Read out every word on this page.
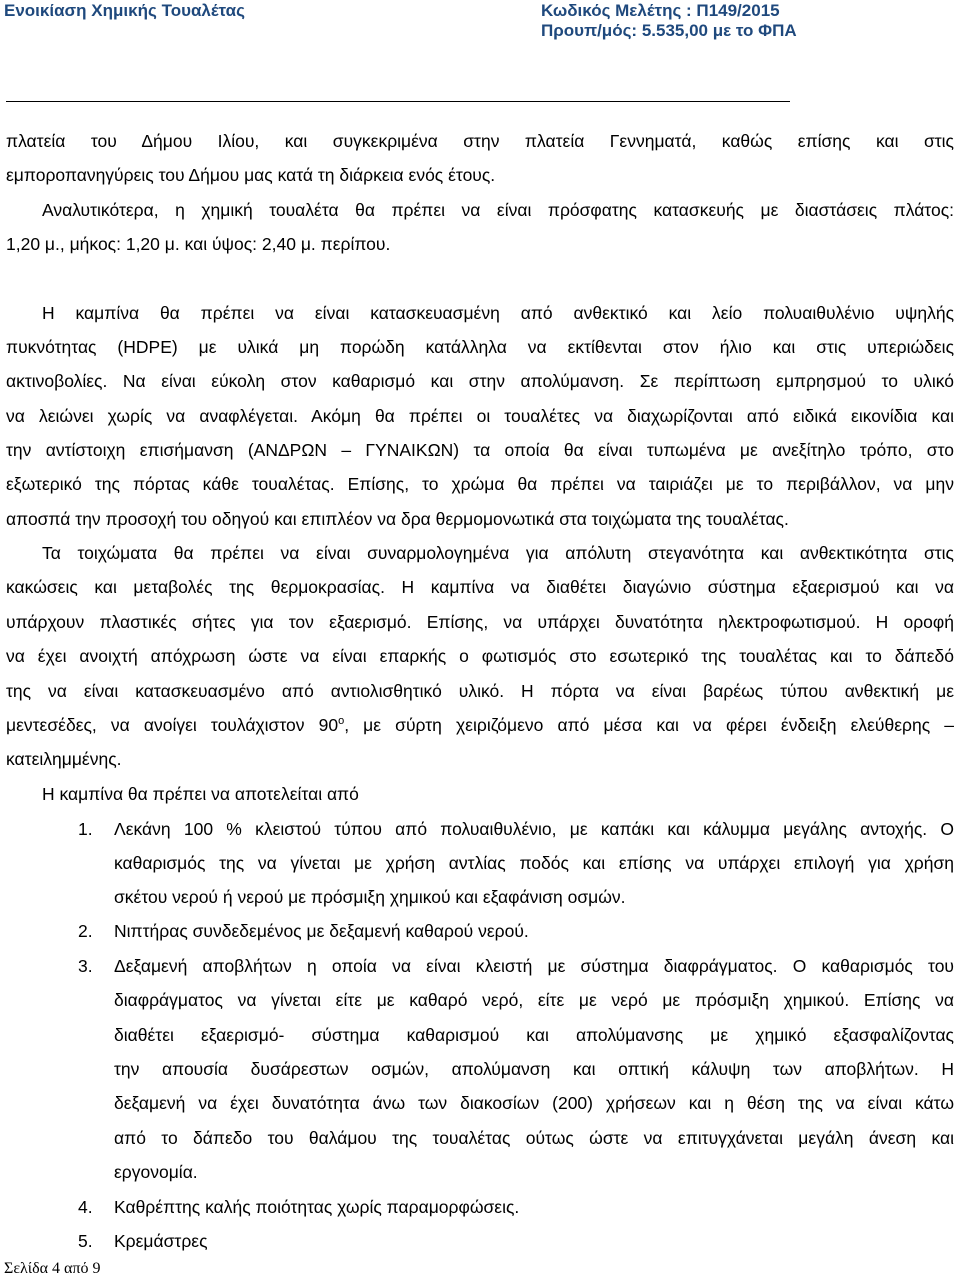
Ενοικίαση Χημικής Τουαλέτας	Κωδικός Μελέτης : Π149/2015
Προυπ/μός: 5.535,00 με το ΦΠΑ
πλατεία του Δήμου Ιλίου, και συγκεκριμένα στην πλατεία Γεννηματά, καθώς επίσης και στις
εμποροπανηγύρεις του Δήμου μας κατά τη διάρκεια ενός έτους.
Αναλυτικότερα, η χημική τουαλέτα θα πρέπει να είναι πρόσφατης κατασκευής με διαστάσεις πλάτος:
1,20 μ., μήκος: 1,20 μ. και ύψος: 2,40 μ. περίπου.
Η καμπίνα θα πρέπει να είναι κατασκευασμένη από ανθεκτικό και λείο πολυαιθυλένιο υψηλής
πυκνότητας (HDPE) με υλικά μη πορώδη κατάλληλα να εκτίθενται στον ήλιο και στις υπεριώδεις
ακτινοβολίες. Να είναι εύκολη στον καθαρισμό και στην απολύμανση. Σε περίπτωση εμπρησμού το υλικό
να λειώνει χωρίς να αναφλέγεται. Ακόμη θα πρέπει οι τουαλέτες να διαχωρίζονται από ειδικά εικονίδια και
την αντίστοιχη επισήμανση (ΑΝΔΡΩΝ – ΓΥΝΑΙΚΩΝ) τα οποία θα είναι τυπωμένα με ανεξίτηλο τρόπο, στο
εξωτερικό της πόρτας κάθε τουαλέτας. Επίσης, το χρώμα θα πρέπει να ταιριάζει με το περιβάλλον, να μην
αποσπά την προσοχή του οδηγού και επιπλέον να δρα θερμομονωτικά στα τοιχώματα της τουαλέτας.
Τα τοιχώματα θα πρέπει να είναι συναρμολογημένα για απόλυτη στεγανότητα και ανθεκτικότητα στις
κακώσεις και μεταβολές της θερμοκρασίας. Η καμπίνα να διαθέτει διαγώνιο σύστημα εξαερισμού και να
υπάρχουν πλαστικές σήτες για τον εξαερισμό. Επίσης, να υπάρχει δυνατότητα ηλεκτροφωτισμού. Η οροφή
να έχει ανοιχτή απόχρωση ώστε να είναι επαρκής ο φωτισμός στο εσωτερικό της τουαλέτας και το δάπεδό
της να είναι κατασκευασμένο από αντιολισθητικό υλικό. Η πόρτα να είναι βαρέως τύπου ανθεκτική με
μεντεσέδες, να ανοίγει τουλάχιστον 90$^o$, με σύρτη χειριζόμενο από μέσα και να φέρει ένδειξη ελεύθερης –
κατειλημμένης.
Η καμπίνα θα πρέπει να αποτελείται από
1. Λεκάνη 100 % κλειστού τύπου από πολυαιθυλένιο, με καπάκι και κάλυμμα μεγάλης αντοχής. Ο
καθαρισμός της να γίνεται με χρήση αντλίας ποδός και επίσης να υπάρχει επιλογή για χρήση
σκέτου νερού ή νερού με πρόσμιξη χημικού και εξαφάνιση οσμών.
2. Νιπτήρας συνδεδεμένος με δεξαμενή καθαρού νερού.
3. Δεξαμενή αποβλήτων η οποία να είναι κλειστή με σύστημα διαφράγματος. Ο καθαρισμός του
διαφράγματος να γίνεται είτε με καθαρό νερό, είτε με νερό με πρόσμιξη χημικού. Επίσης να
διαθέτει εξαερισμό- σύστημα καθαρισμού και απολύμανσης με χημικό εξασφαλίζοντας
την απουσία δυσάρεστων οσμών, απολύμανση και οπτική κάλυψη των αποβλήτων. Η
δεξαμενή να έχει δυνατότητα άνω των διακοσίων (200) χρήσεων και η θέση της να είναι κάτω
από το δάπεδο του θαλάμου της τουαλέτας ούτως ώστε να επιτυγχάνεται μεγάλη άνεση και
εργονομία.
4. Καθρέπτης καλής ποιότητας χωρίς παραμορφώσεις.
5. Κρεμάστρες
Σελίδα 4 από 9
